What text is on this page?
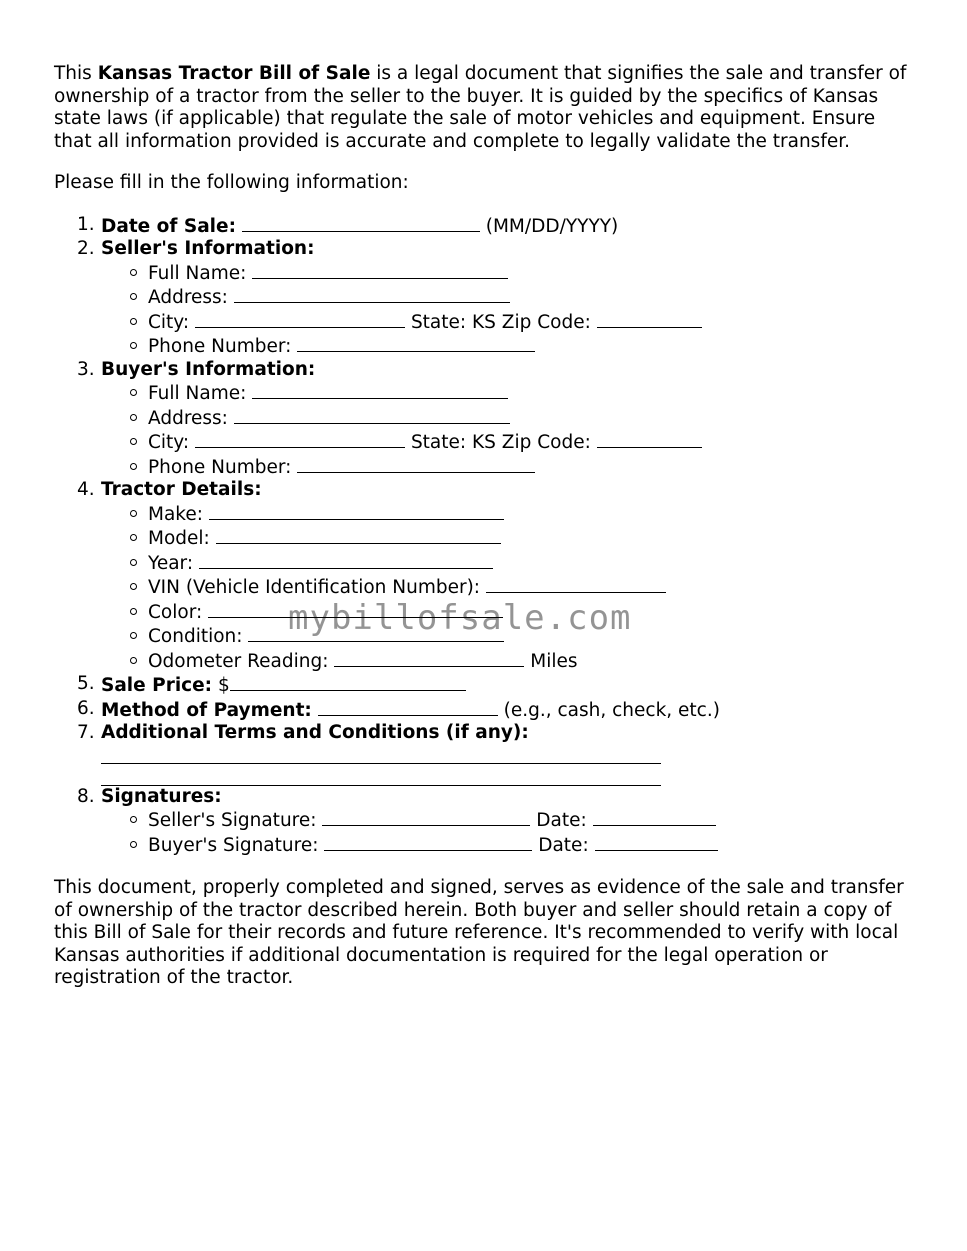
This Kansas Tractor Bill of Sale is a legal document that signifies the sale and transfer of ownership of a tractor from the seller to the buyer. It is guided by the specifics of Kansas state laws (if applicable) that regulate the sale of motor vehicles and equipment. Ensure that all information provided is accurate and complete to legally validate the transfer.

Please fill in the following information:

1. Date of Sale:	(MM/DD/YYYY)
2. Seller's Information:
Full Name:
Address:
City:	State: KS Zip Code:
Phone Number:
3. Buyer's Information:
Full Name:
Address:
City:	State: KS Zip Code:
Phone Number:
4. Tractor Details:
Make:
Model:
Year:
VIN (Vehicle Identification Number):
Color:
Condition:
Odometer Reading:	Miles
5. Sale Price: $
6. Method of Payment:	(e.g., cash, check, etc.)
7. Additional Terms and Conditions (if any):
8. Signatures:
Seller's Signature:	Date:
Buyer's Signature:	Date:

This document, properly completed and signed, serves as evidence of the sale and transfer of ownership of the tractor described herein. Both buyer and seller should retain a copy of this Bill of Sale for their records and future reference. It's recommended to verify with local Kansas authorities if additional documentation is required for the legal operation or registration of the tractor.

mybillofsale.com
